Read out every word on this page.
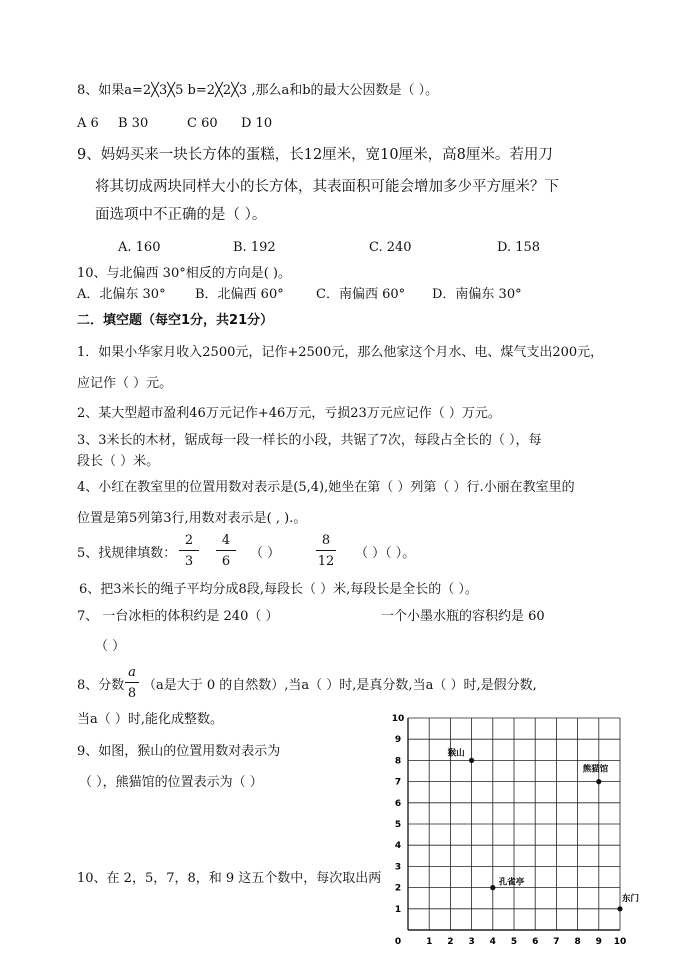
8、如果a=2╳3╳5 b=2╳2╳3 ,那么a和b的最大公因数是（ ）。
A 6 B 30	C 60 D 10
9、妈妈买来一块长方体的蛋糕，长12厘米，宽10厘米，高8厘米。若用刀
将其切成两块同样大小的长方体，其表面积可能会增加多少平方厘米？下
面选项中不正确的是（ ）。
A. 160	B. 192	C. 240	D. 158
10、与北偏西 30°相反的方向是( )。
A．北偏东 30° B．北偏西 60° C．南偏西 60° D．南偏东 30°
二．填空题（每空1分，共21分）
1．如果小华家月收入2500元，记作+2500元，那么他家这个月水、电、煤气支出200元，
应记作（ ）元。
2、某大型超市盈利46万元记作+46万元，亏损23万元应记作（ ）万元。
3、3米长的木材，锯成每一段一样长的小段，共锯了7次，每段占全长的（ ），每
段长（ ）米。
4、小红在教室里的位置用数对表示是(5,4),她坐在第（ ）列第（ ）行.小丽在教室里的
位置是第5列第3行,用数对表示是( , ).。
5、找规律填数：
2
3
4
6
（ ）
8
12
（ ）（ ）。
6、把3米长的绳子平均分成8段,每段长（ ）米,每段长是全长的（ ）。
7、 一台冰柜的体积约是 240（ ）	一个小墨水瓶的容积约是 60
（ ）
8、分数
a
8
（a是大于 0 的自然数）,当a（ ）时,是真分数,当a（ ）时,是假分数,
当a（ ）时,能化成整数。
9、如图，猴山的位置用数对表示为
（ ），熊猫馆的位置表示为（ ）
10、在 2，5，7，8，和 9 这五个数中，每次取出两
1 2 3 4 5 6 7 8 9 10
0
1
2
3
4
5
6
7
8
9
10
猴山
熊猫馆
孔雀亭
东门
